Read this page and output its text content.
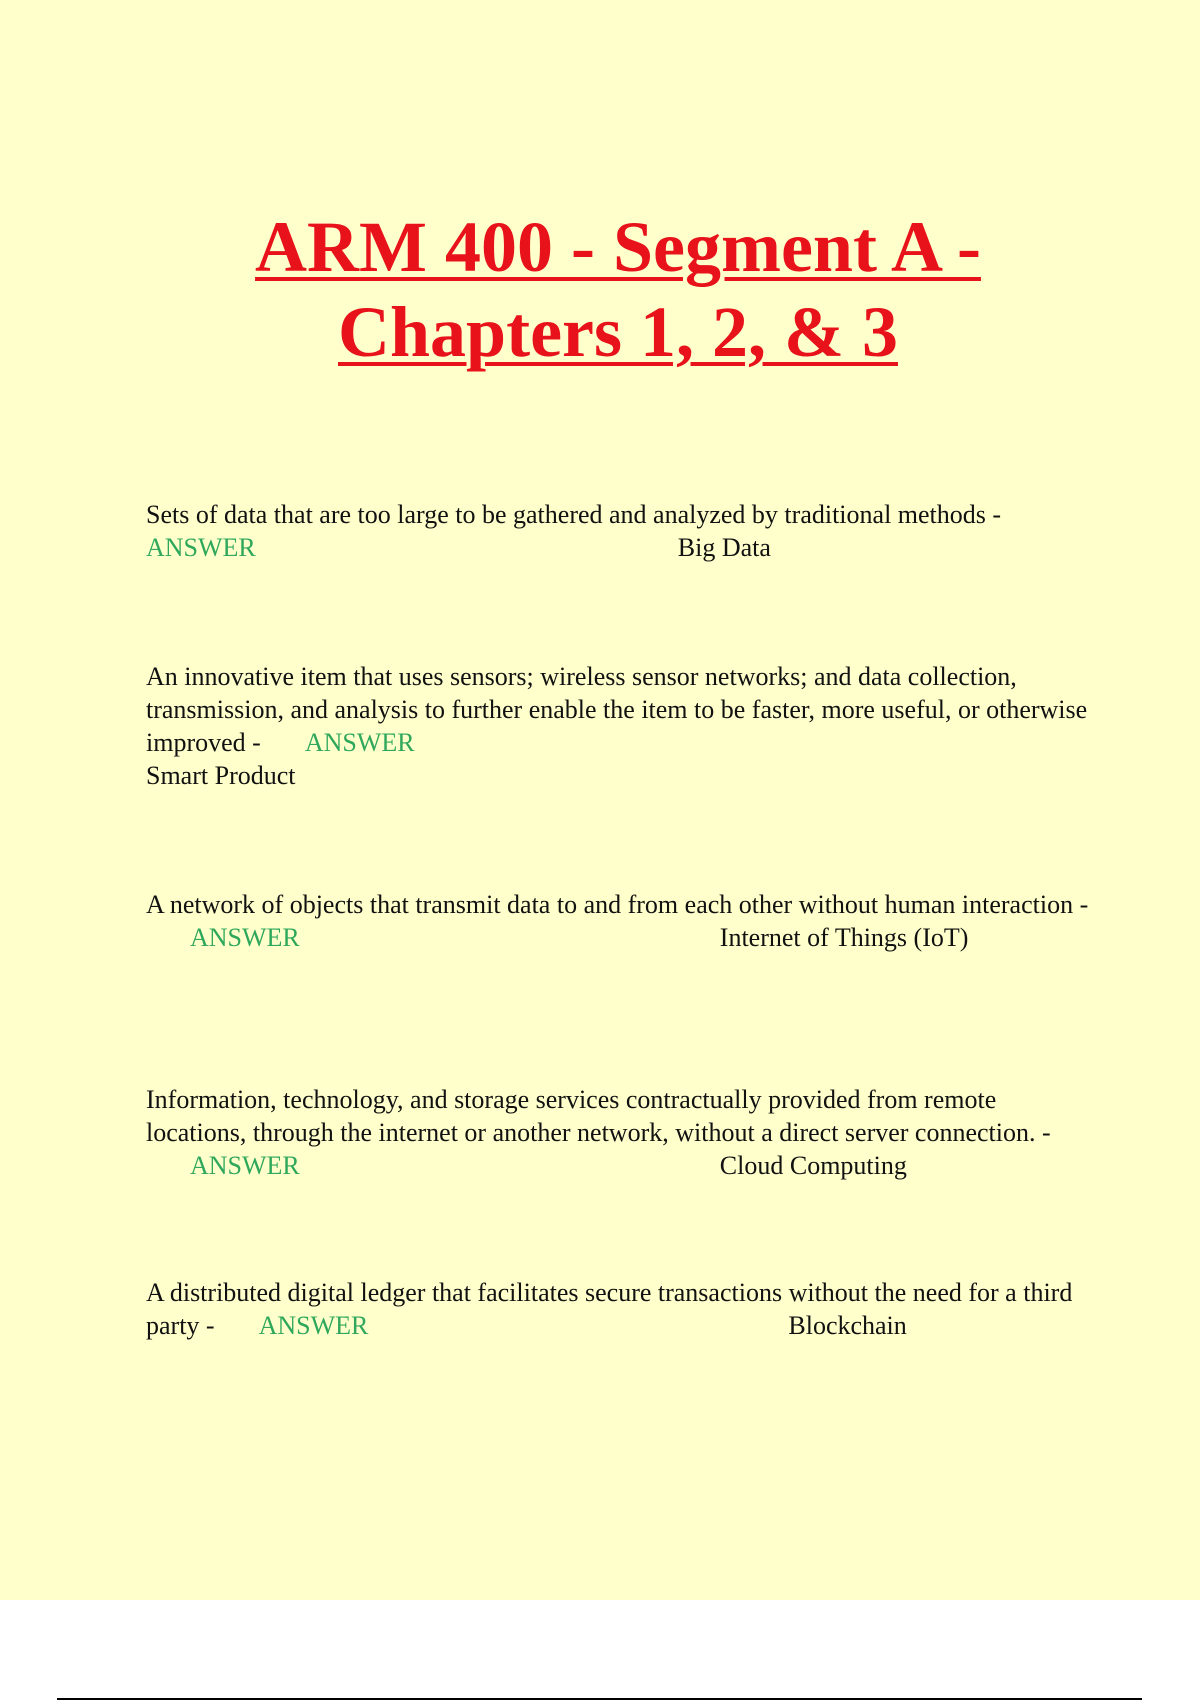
ARM 400 - Segment A -
Chapters 1, 2, & 3

Sets of data that are too large to be gathered and analyzed by traditional methods -
ANSWER	Big Data

An innovative item that uses sensors; wireless sensor networks; and data collection, transmission, and analysis to further enable the item to be faster, more useful, or otherwise improved - ANSWER
Smart Product

A network of objects that transmit data to and from each other without human interaction -ANSWER	Internet of Things (IoT)

Information, technology, and storage services contractually provided from remote locations, through the internet or another network, without a direct server connection. -ANSWER	Cloud Computing

A distributed digital ledger that facilitates secure transactions without the need for a third party - ANSWER	Blockchain
